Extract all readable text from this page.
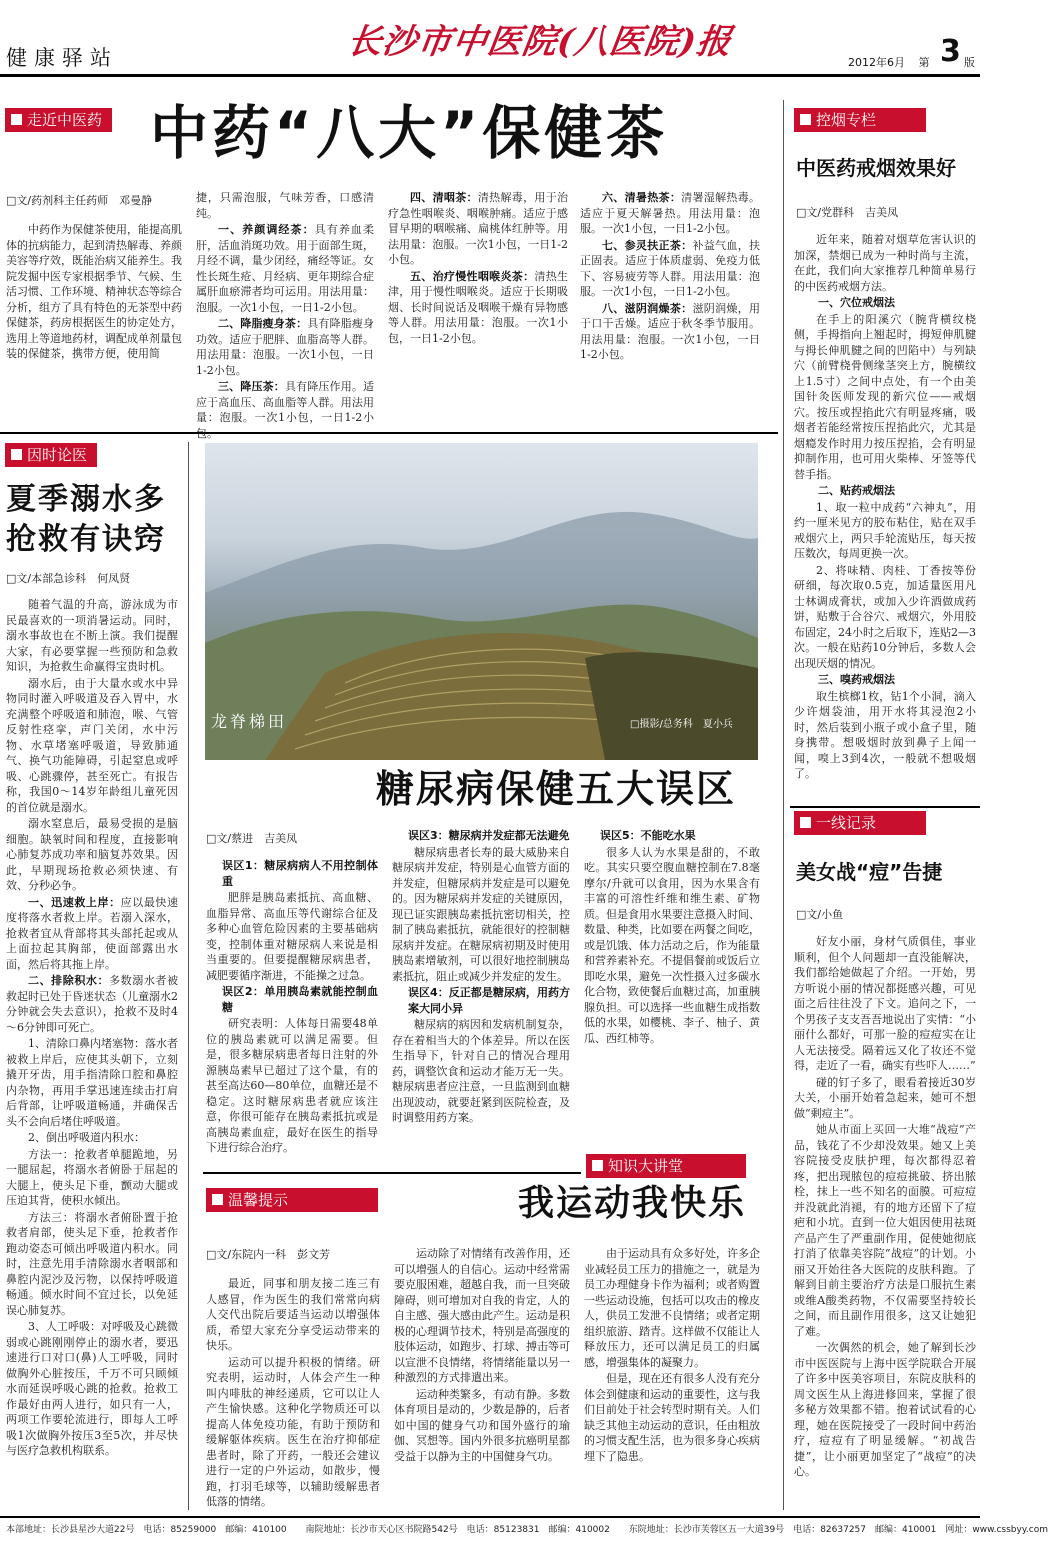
健康驿站	长沙市中医院(八医院)报
2012年6月 第 3 版
走近中医药 中药“八大”保健茶
□文/药剂科主任药师　邓曼静

中药作为保健茶使用，能提高肌体的抗病能力，起到清热解毒、养颜美容等疗效，既能治病又能养生。我院发掘中医专家根据季节、气候、生活习惯、工作环境、精神状态等综合分析，组方了具有特色的无茶型中药保健茶，药房根据医生的协定处方，选用上等道地药材，调配成单剂量包装的保健茶，携带方便，使用简

捷，只需泡服，气味芳香，口感清纯。

一、养颜调经茶：具有养血柔肝，活血消斑功效。用于面部生斑，月经不调，量少闭经，痛经等证。女性长斑生疮、月经病、更年期综合症属肝血瘀滞者均可运用。用法用量：泡服。一次1小包，一日1-2小包。

二、降脂瘦身茶：具有降脂瘦身功效。适应于肥胖、血脂高等人群。用法用量：泡服。一次1小包，一日1-2小包。

三、降压茶：具有降压作用。适应于高血压、高血脂等人群。用法用量：泡服。一次1小包，一日1-2小

四、清咽茶：清热解毒，用于治疗急性咽喉炎、咽喉肿痛。适应于感冒早期的咽喉痛、扁桃体红肿等。用法用量：泡服。一次1小包，一日1-2小包。

五、治疗慢性咽喉炎茶：清热生津，用于慢性咽喉炎。适应于长期吸烟、长时间说话及咽喉干燥有异物感等人群。用法用量：泡服。一次1小包，一日1-2小包。

六、清暑热茶：清署湿解热毒。适应于夏天解暑热。用法用量：泡服。一次1小包，一日1-2小包。

七、参灵扶正茶：补益气血，扶正固表。适应于体质虚弱、免疫力低下、容易疲劳等人群。用法用量：泡服。一次1小包，一日1-2小包。

八、滋阴润燥茶：滋阴润燥，用于口干舌燥。适应于秋冬季节服用。用法用量：泡服。一次1小包，一日1-2小包。

因时论医
夏季溺水多
抢救有诀窍
□文/本部急诊科　何凤贤

随着气温的升高，游泳成为市民最喜欢的一项消暑运动。同时，溺水事故也在不断上演。我们提醒大家，有必要掌握一些预防和急救知识，为抢救生命赢得宝贵时机。

溺水后，由于大量水或水中异物同时灌入呼吸道及吞入胃中，水充满整个呼吸道和肺泡，喉、气管反射性痉挛，声门关闭，水中污物、水草堵塞呼吸道，导致肺通气、换气功能障碍，引起窒息或呼吸、心跳骤停，甚至死亡。有报告称，我国0～14岁年龄组儿童死因的首位就是溺水。

溺水窒息后，最易受损的是脑细胞。缺氧时间和程度，直接影响心肺复苏成功率和脑复苏效果。因此，早期现场抢救必须快速、有效、分秒必争。

一、迅速救上岸：应以最快速度将落水者救上岸。若溺入深水，抢救者宜从背部将其头部托起或从上面拉起其胸部，使面部露出水面，然后将其拖上岸。

二、排除积水：多数溺水者被救起时已处于昏迷状态（儿童溺水2分钟就会失去意识），抢救不及时4～6分钟即可死亡。

1、清除口鼻内堵塞物：落水者被救上岸后，应使其头朝下，立刻撬开牙齿，用手指清除口腔和鼻腔内杂物，再用手掌迅速连续击打肩后背部，让呼吸道畅通，并确保舌头不会向后堵住呼吸道。

2、倒出呼吸道内积水：

方法一：抢救者单腿跪地，另一腿屈起，将溺水者俯卧于屈起的大腿上，使头足下垂，颤动大腿或压迫其背，使积水倾出。

方法三：将溺水者俯卧置于抢救者肩部，使头足下垂，抢救者作跑动姿态可倾出呼吸道内积水。同时，注意先用手清除溺水者咽部和鼻腔内泥沙及污物，以保持呼吸道畅通。倾水时间不宜过长，以免延误心肺复苏。

3、人工呼吸：对呼吸及心跳微弱或心跳刚刚停止的溺水者，要迅速进行口对口(鼻)人工呼吸，同时做胸外心脏按压，千万不可只顾倾水而延误呼吸心跳的抢救。抢救工作最好由两人进行，如只有一人，两项工作要轮流进行，即每人工呼吸1次做胸外按压3至5次，并尽快与医疗急救机构联系。

龙脊梯田	□摄影/总务科　夏小兵
糖尿病保健五大误区
□文/蔡进　吉美凤

误区1：糖尿病病人不用控制体重

肥胖是胰岛素抵抗、高血糖、血脂异常、高血压等代谢综合征及多种心血管危险因素的主要基础病变，控制体重对糖尿病人来说是相当重要的。但要提醒糖尿病患者，减肥要循序渐进，不能操之过急。

误区2：单用胰岛素就能控制血糖

研究表明：人体每日需要48单位的胰岛素就可以满足需要。但是，很多糖尿病患者每日注射的外源胰岛素早已超过了这个量，有的甚至高达60—80单位，血糖还是不稳定。这时糖尿病患者就应该注意，你很可能存在胰岛素抵抗或是高胰岛素血症，最好在医生的指导下进行综合治疗。

误区3：糖尿病并发症都无法避免

糖尿病患者长寿的最大威胁来自糖尿病并发症，特别是心血管方面的并发症，但糖尿病并发症是可以避免的。因为糖尿病并发症的关键原因，现已证实跟胰岛素抵抗密切相关，控制了胰岛素抵抗，就能很好的控制糖尿病并发症。在糖尿病初期及时使用胰岛素增敏剂，可以很好地控制胰岛素抵抗，阻止或减少并发症的发生。

误区4：反正都是糖尿病，用药方案大同小异

糖尿病的病因和发病机制复杂，存在着相当大的个体差异。所以在医生指导下，针对自己的情况合理用药，调整饮食和运动才能万无一失。糖尿病患者应注意，一旦监测到血糖出现波动，就要赶紧到医院检查，及时调整用药方案。

误区5：不能吃水果

很多人认为水果是甜的，不敢吃。其实只要空腹血糖控制在7.8毫摩尔/升就可以食用，因为水果含有丰富的可溶性纤维和维生素、矿物质。但是食用水果要注意摄入时间、数量、种类，比如要在两餐之间吃，或是饥饿、体力活动之后，作为能量和营养素补充。不提倡餐前或饭后立即吃水果，避免一次性摄入过多碳水化合物，致使餐后血糖过高，加重胰腺负担。可以选择一些血糖生成指数低的水果，如樱桃、李子、柚子、黄瓜、西红柿等。

知识大讲堂
温馨提示	我运动我快乐
□文/东院内一科　彭文芳

最近，同事和朋友接二连三有人感冒，作为医生的我们常常向病人交代出院后要适当运动以增强体质，希望大家充分享受运动带来的快乐。

运动可以提升积极的情绪。研究表明，运动时，人体会产生一种叫内啡肽的神经递质，它可以让人产生愉快感。这种化学物质还可以提高人体免疫功能，有助于预防和缓解躯体疾病。医生在治疗抑郁症患者时，除了开药，一般还会建议进行一定的户外运动，如散步，慢跑，打羽毛球等，以辅助缓解患者低落的情绪。

运动除了对情绪有改善作用，还可以增强人的自信心。运动中经常需要克服困难，超越自我，而一旦突破障碍，则可增加对自我的肯定，人的自主感、强大感由此产生。运动是积极的心理调节技术，特别是高强度的肢体运动，如跑步、打球、搏击等可以宣泄不良情绪，将情绪能量以另一种激烈的方式排遣出来。

运动种类繁多，有动有静。多数体育项目是动的，少数是静的，后者如中国的健身气功和国外盛行的瑜伽、冥想等。国内外很多抗癌明星都受益于以静为主的中国健身气功。

由于运动具有众多好处，许多企业减轻员工压力的措施之一，就是为员工办理健身卡作为福利；或者购置一些运动设施，包括可以攻击的橡皮人，供员工发泄不良情绪；或者定期组织旅游、踏青。这样做不仅能让人释放压力，还可以满足员工的归属感，增强集体的凝聚力。

但是，现在还有很多人没有充分体会到健康和运动的重要性，这与我们目前处于社会转型时期有关。人们缺乏其他主动运动的意识，任由粗放的习惯支配生活，也为很多身心疾病埋下了隐患。

控烟专栏
中医药戒烟效果好
□文/党群科　吉美凤

近年来，随着对烟草危害认识的加深，禁烟已成为一种时尚与主流，在此，我们向大家推荐几种简单易行的中医药戒烟方法。

一、穴位戒烟法

在手上的阳溪穴（腕背横纹桡侧，手拇指向上翘起时，拇短伸肌腱与拇长伸肌腱之间的凹陷中）与列缺穴（前臂桡骨侧缘茎突上方，腕横纹上1.5寸）之间中点处，有一个由美国针灸医师发现的新穴位——戒烟穴。按压或捏掐此穴有明显疼痛，吸烟者若能经常按压捏掐此穴，尤其是烟瘾发作时用力按压捏掐，会有明显抑制作用，也可用火柴棒、牙签等代替手指。

二、贴药戒烟法

1、取一粒中成药“六神丸”，用约一厘米见方的胶布粘住，贴在双手戒烟穴上，两只手轮流贴压，每天按压数次，每周更换一次。

2、将味精、肉桂、丁香按等份研细，每次取0.5克，加适量医用凡士林调成膏状，或加入少许酒做成药饼，贴敷于合谷穴、戒烟穴，外用胶布固定，24小时之后取下，连贴2—3次。一般在贴药10分钟后，多数人会出现厌烟的情况。

三、嗅药戒烟法

取生槟榔1枚，钻1个小洞，滴入少许烟袋油，用开水将其浸泡2小时，然后装到小瓶子或小盒子里，随身携带。想吸烟时放到鼻子上闻一闻，嗅上3到4次，一般就不想吸烟了。

一线记录
美女战“痘”告捷
□文/小鱼

好友小丽，身材气质俱佳，事业顺利，但个人问题却一直没能解决，我们都给她做起了介绍。一开始，男方听说小丽的情况都挺感兴趣，可见面之后往往没了下文。追问之下，一个男孩子支支吾吾地说出了实情：“小丽什么都好，可那一脸的痘痘实在让人无法接受。隔着远又化了妆还不觉得，走近了一看，确实有些吓人……”

碰的钉子多了，眼看着接近30岁大关，小丽开始着急起来，她可不想做“剩痘主”。

她从市面上买回一大堆“战痘”产品，钱花了不少却没效果。她又上美容院接受皮肤护理，每次都得忍着疼，把出现脓包的痘痘挑破、挤出脓栓，抹上一些不知名的面膜。可痘痘并没就此消褪，有的地方还留下了痘疤和小坑。直到一位大姐因使用祛斑产品产生了严重副作用，促使她彻底打消了依靠美容院“战痘”的计划。小丽又开始往各大医院的皮肤科跑。了解到目前主要治疗方法是口服抗生素或维A酸类药物，不仅需要坚持较长之间，而且副作用很多，这又让她犯了难。

一次偶然的机会，她了解到长沙市中医医院与上海中医学院联合开展了许多中医美容项目，东院皮肤科的周文医生从上海进修回来，掌握了很多秘方效果都不错。抱着试试看的心理，她在医院接受了一段时间中药治疗，痘痘有了明显缓解。“初战告捷”，让小丽更加坚定了“战痘”的决心。

本部地址：长沙县星沙大道22号　电话：85259000　邮编：410100 南院地址：长沙市天心区书院路542号　电话：85123831　邮编：410002 东院地址：长沙市芙蓉区五一大道39号　电话：82637257　邮编：410001　网址：www.cssbyy.com
